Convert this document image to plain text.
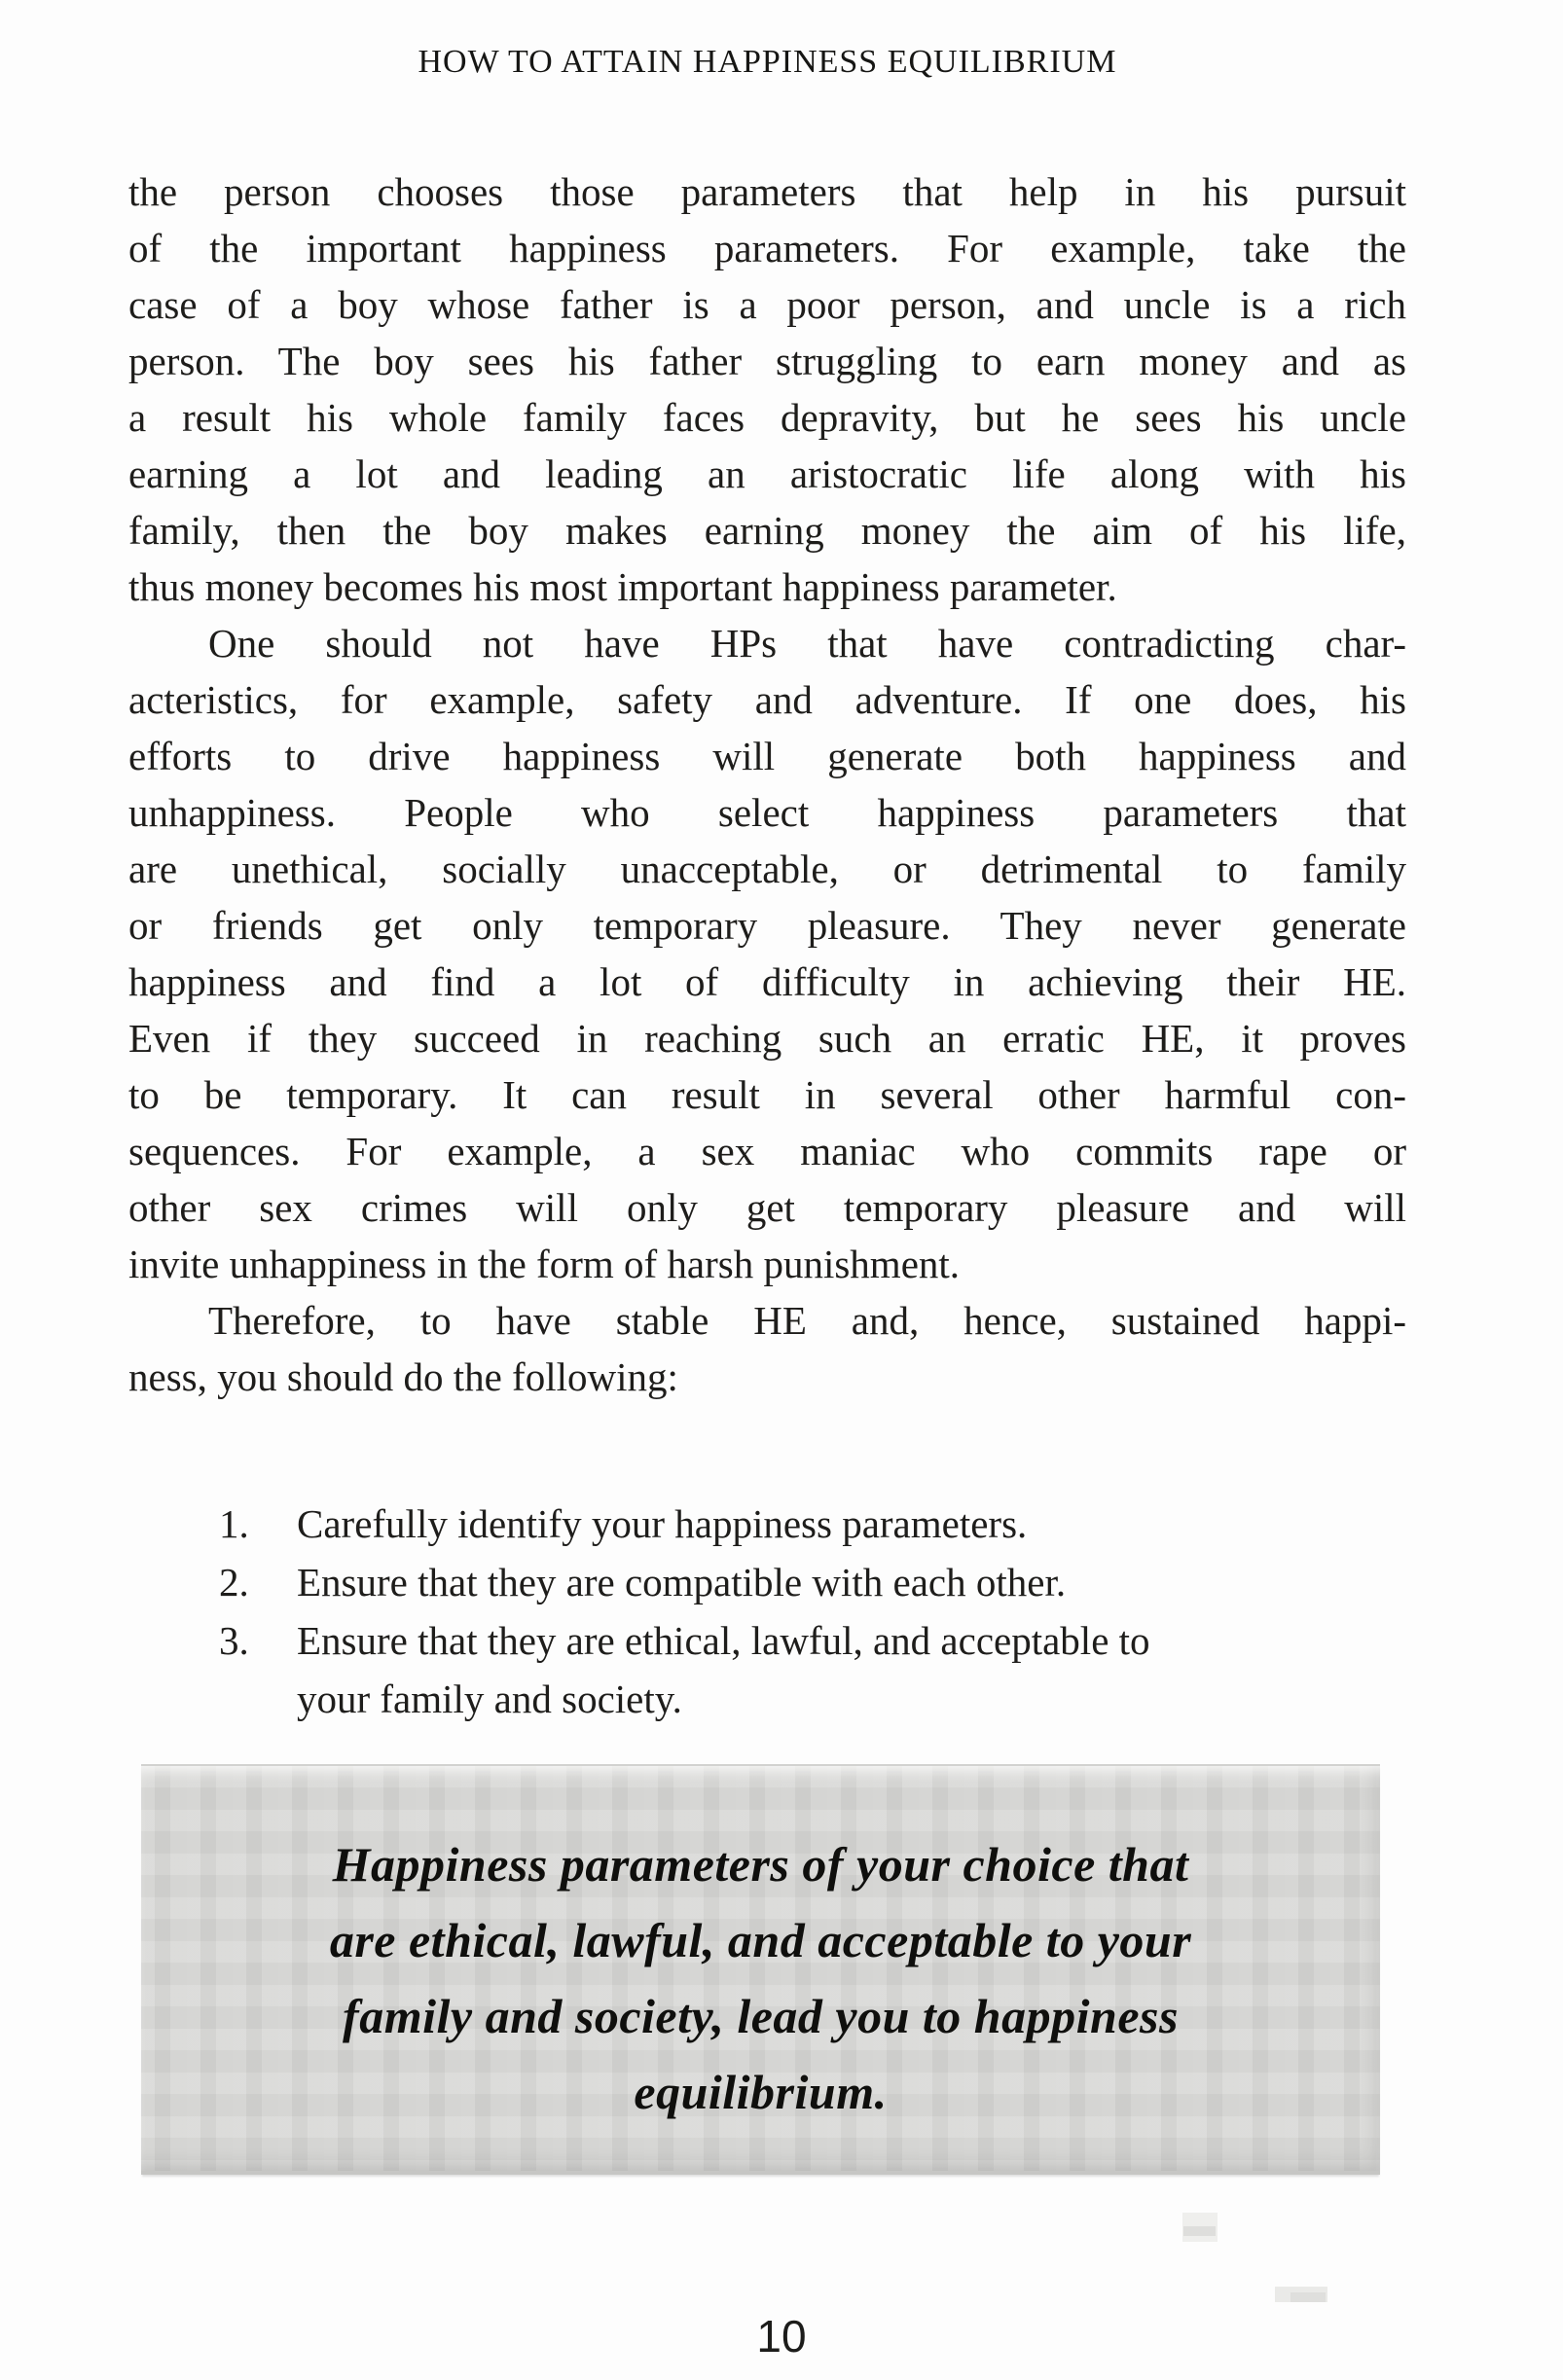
HOW TO ATTAIN HAPPINESS EQUILIBRIUM
the person chooses those parameters that help in his pursuit
of the important happiness parameters. For example, take the
case of a boy whose father is a poor person, and uncle is a rich
person. The boy sees his father struggling to earn money and as
a result his whole family faces depravity, but he sees his uncle
earning a lot and leading an aristocratic life along with his
family, then the boy makes earning money the aim of his life,
thus money becomes his most important happiness parameter.
One should not have HPs that have contradicting char-
acteristics, for example, safety and adventure. If one does, his
efforts to drive happiness will generate both happiness and
unhappiness. People who select happiness parameters that
are unethical, socially unacceptable, or detrimental to family
or friends get only temporary pleasure. They never generate
happiness and find a lot of difficulty in achieving their HE.
Even if they succeed in reaching such an erratic HE, it proves
to be temporary. It can result in several other harmful con-
sequences. For example, a sex maniac who commits rape or
other sex crimes will only get temporary pleasure and will
invite unhappiness in the form of harsh punishment.
Therefore, to have stable HE and, hence, sustained happi-
ness, you should do the following:
1. Carefully identify your happiness parameters.
2. Ensure that they are compatible with each other.
3. Ensure that they are ethical, lawful, and acceptable to
your family and society.
Happiness parameters of your choice that
are ethical, lawful, and acceptable to your
family and society, lead you to happiness
equilibrium.
10
